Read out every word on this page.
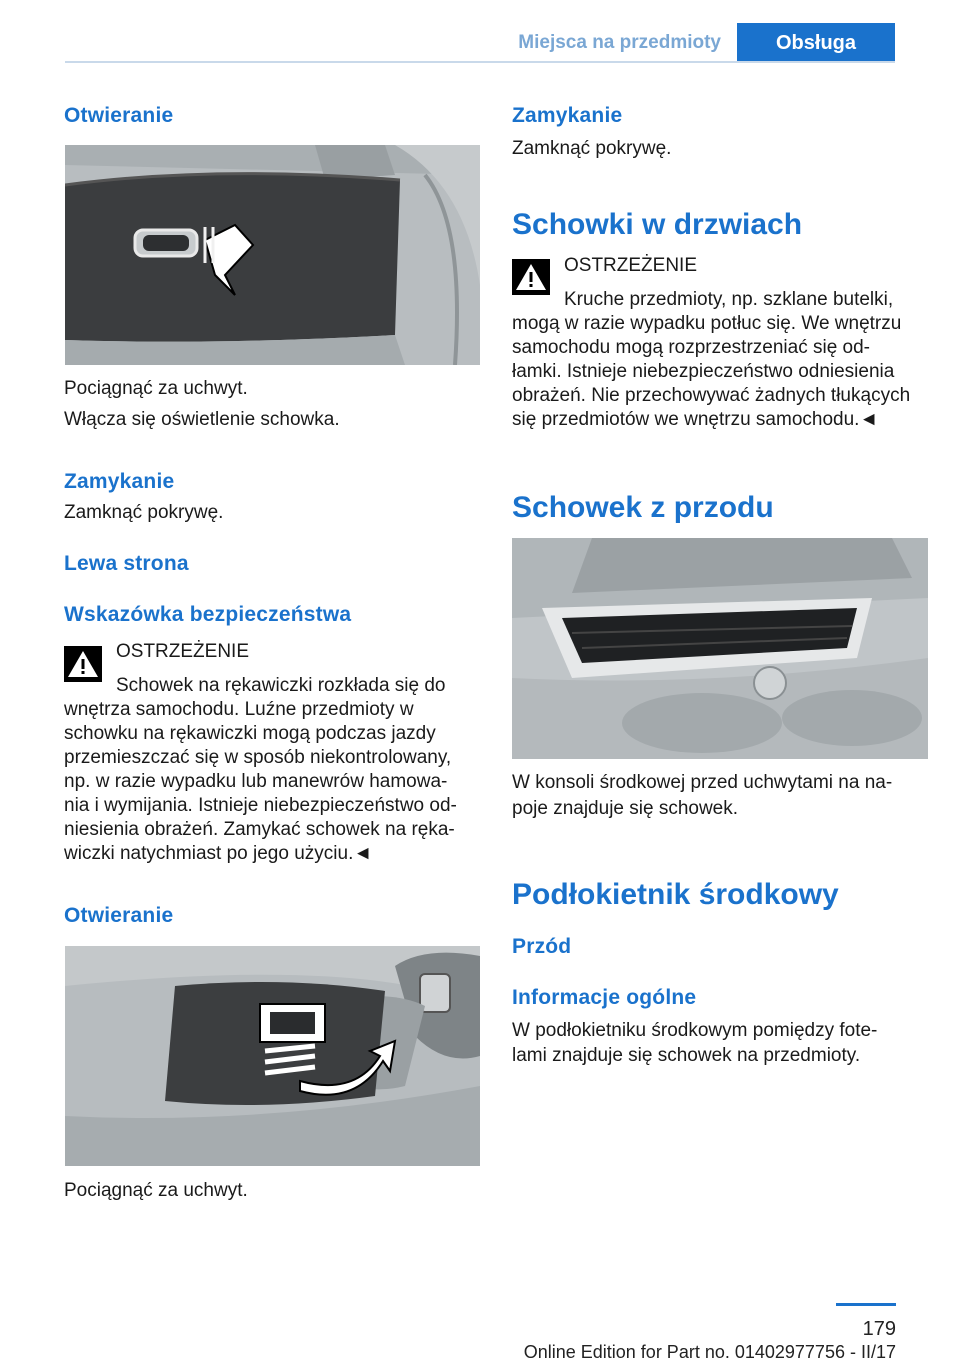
Miejsca na przedmioty	Obsługa
Otwieranie
Pociągnąć za uchwyt.
Włącza się oświetlenie schowka.
Zamykanie
Zamknąć pokrywę.
Lewa strona
Wskazówka bezpieczeństwa
OSTRZEŻENIE
Schowek na rękawiczki rozkłada się do
wnętrza samochodu. Luźne przedmioty w
schowku na rękawiczki mogą podczas jazdy
przemieszczać się w sposób niekontrolowany,
np. w razie wypadku lub manewrów hamowa-
nia i wymijania. Istnieje niebezpieczeństwo od-
niesienia obrażeń. Zamykać schowek na ręka-
wiczki natychmiast po jego użyciu.◄
Otwieranie
Pociągnąć za uchwyt.
Zamykanie
Zamknąć pokrywę.
Schowki w drzwiach
OSTRZEŻENIE
Kruche przedmioty, np. szklane butelki,
mogą w razie wypadku potłuc się. We wnętrzu
samochodu mogą rozprzestrzeniać się od-
łamki. Istnieje niebezpieczeństwo odniesienia
obrażeń. Nie przechowywać żadnych tłukących
się przedmiotów we wnętrzu samochodu.◄
Schowek z przodu
W konsoli środkowej przed uchwytami na na-
poje znajduje się schowek.
Podłokietnik środkowy
Przód
Informacje ogólne
W podłokietniku środkowym pomiędzy fote-
lami znajduje się schowek na przedmioty.
179
Online Edition for Part no. 01402977756 - II/17
